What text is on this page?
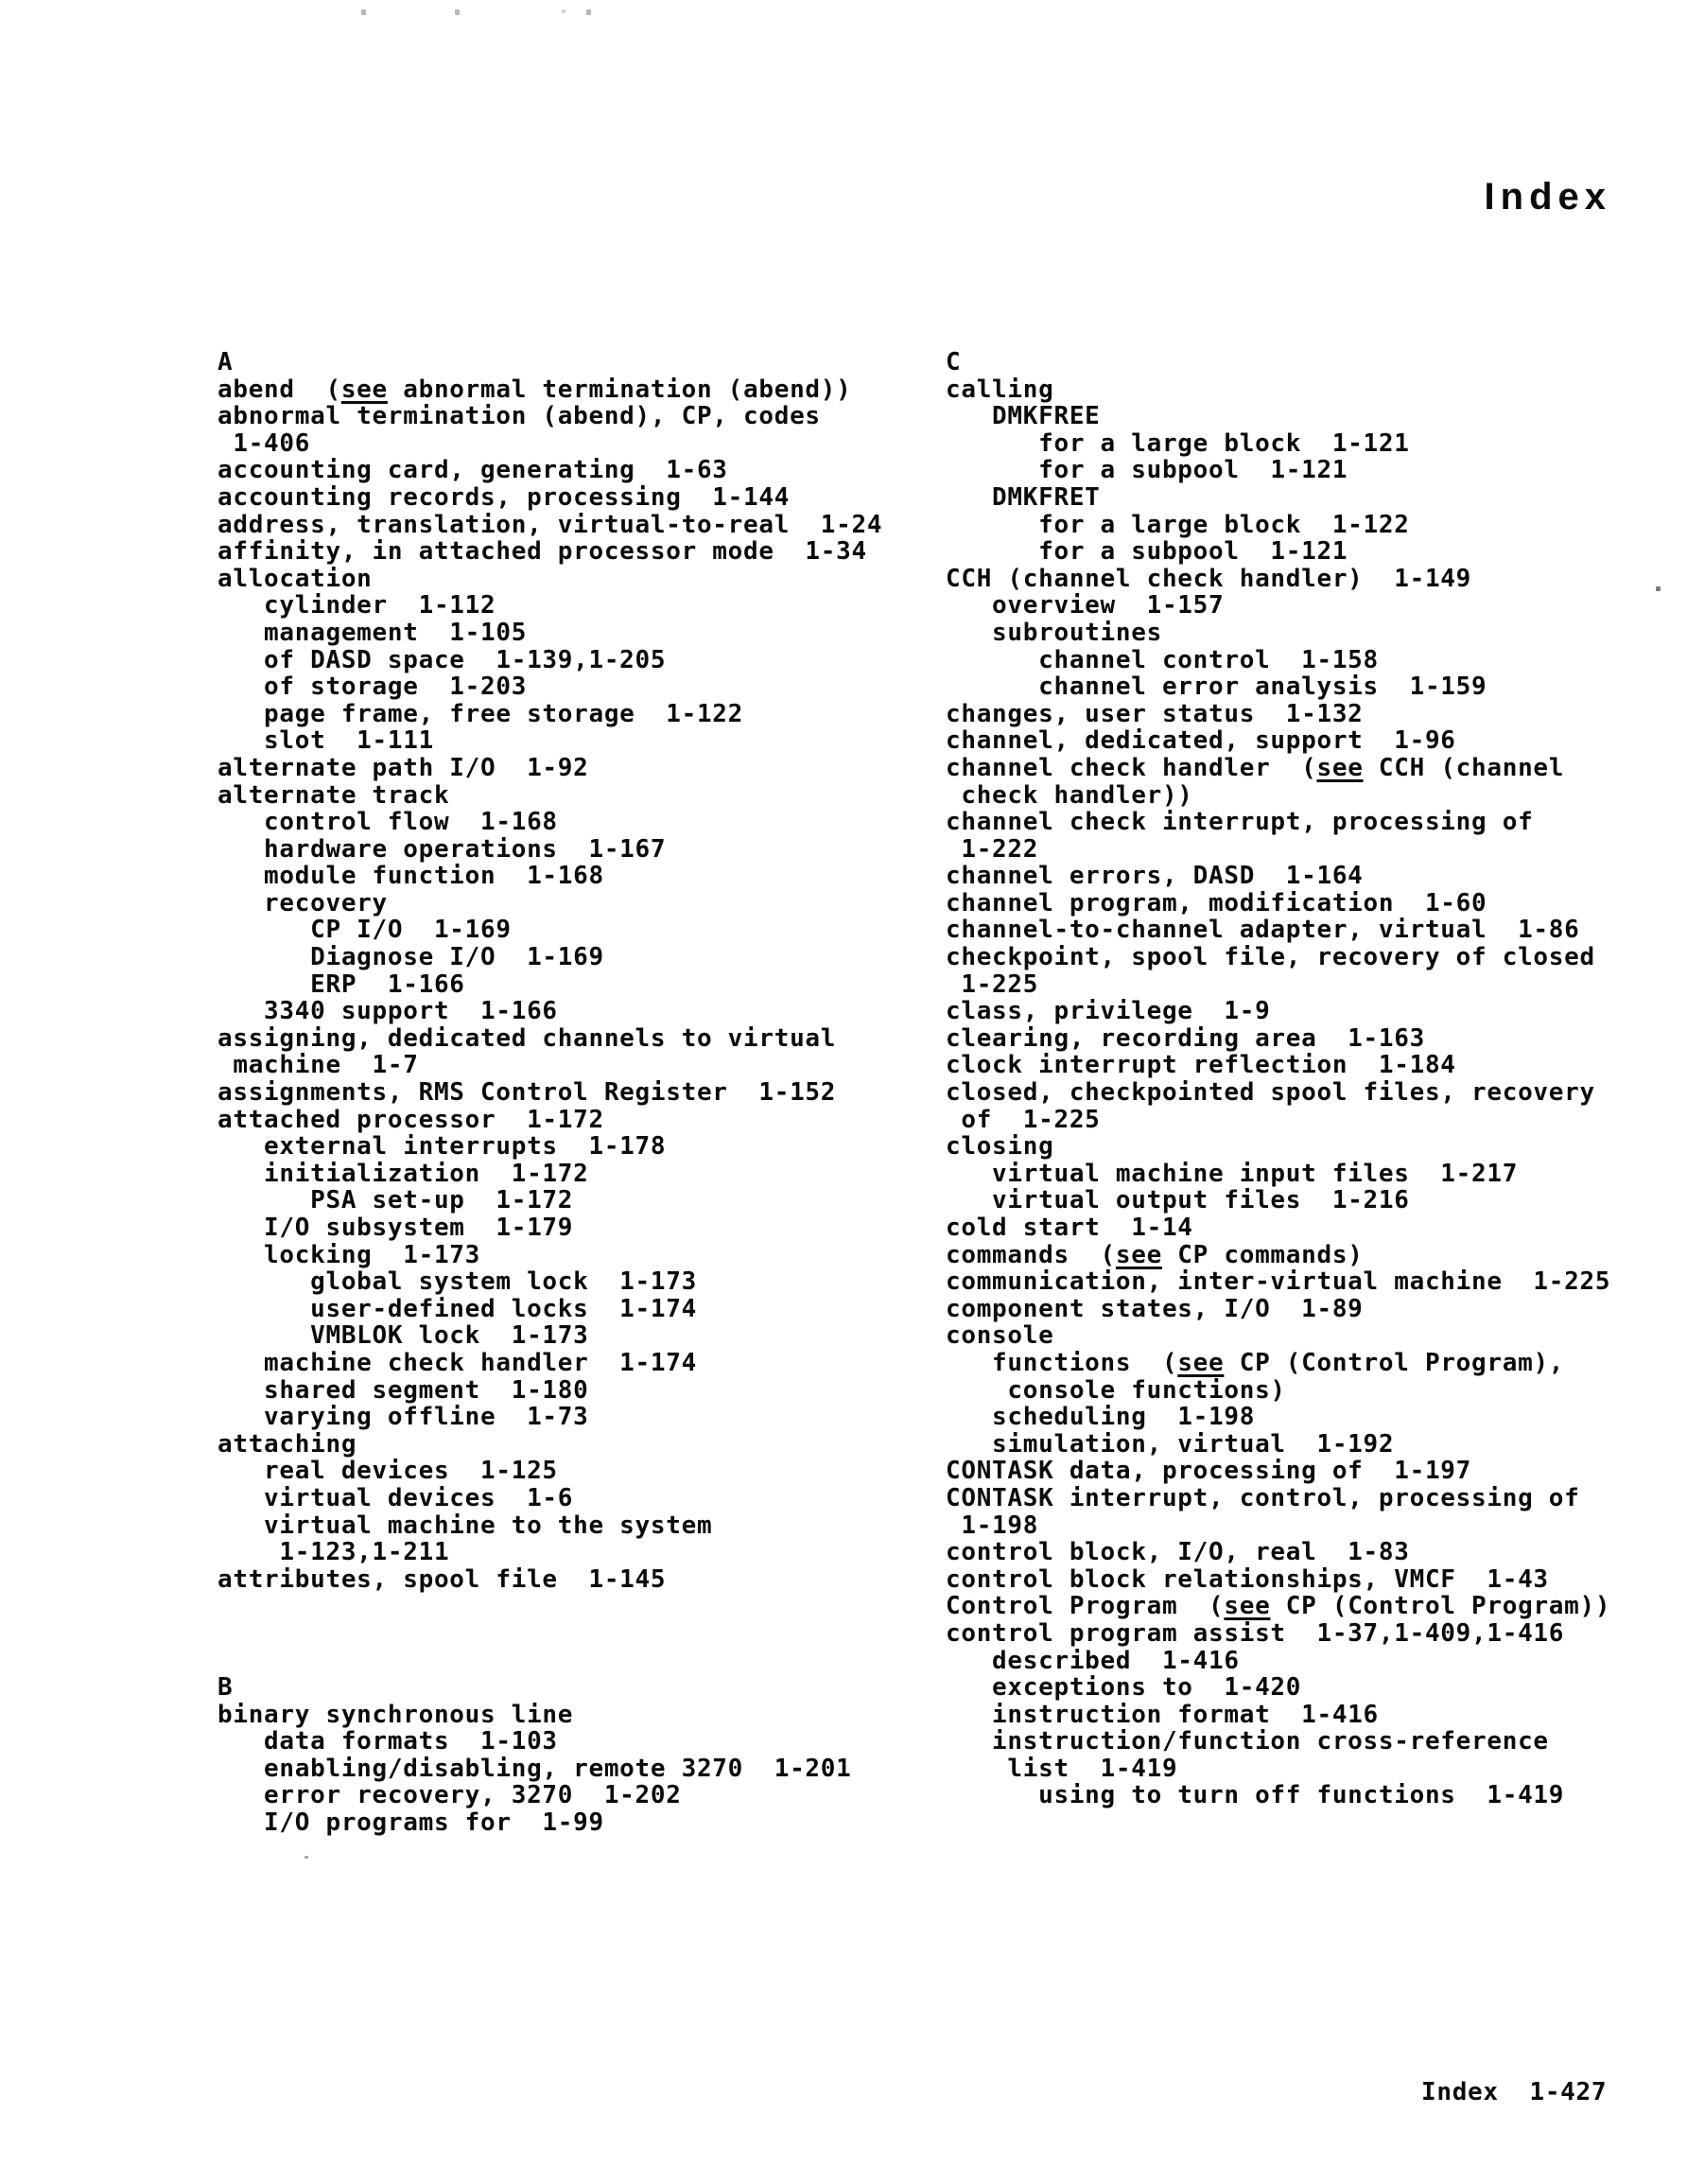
Index
A
abend  (see abnormal termination (abend))
abnormal termination (abend), CP, codes
1-406
accounting card, generating  1-63
accounting records, processing  1-144
address, translation, virtual-to-real  1-24
affinity, in attached processor mode  1-34
allocation
cylinder  1-112
management  1-105
of DASD space  1-139,1-205
of storage  1-203
page frame, free storage  1-122
slot  1-111
alternate path I/O  1-92
alternate track
control flow  1-168
hardware operations  1-167
module function  1-168
recovery
CP I/O  1-169
Diagnose I/O  1-169
ERP  1-166
3340 support  1-166
assigning, dedicated channels to virtual
machine  1-7
assignments, RMS Control Register  1-152
attached processor  1-172
external interrupts  1-178
initialization  1-172
PSA set-up  1-172
I/O subsystem  1-179
locking  1-173
global system lock  1-173
user-defined locks  1-174
VMBLOK lock  1-173
machine check handler  1-174
shared segment  1-180
varying offline  1-73
attaching
real devices  1-125
virtual devices  1-6
virtual machine to the system
1-123,1-211
attributes, spool file  1-145
B
binary synchronous line
data formats  1-103
enabling/disabling, remote 3270  1-201
error recovery, 3270  1-202
I/O programs for  1-99
C
calling
DMKFREE
for a large block  1-121
for a subpool  1-121
DMKFRET
for a large block  1-122
for a subpool  1-121
CCH (channel check handler)  1-149
overview  1-157
subroutines
channel control  1-158
channel error analysis  1-159
changes, user status  1-132
channel, dedicated, support  1-96
channel check handler  (see CCH (channel
check handler))
channel check interrupt, processing of
1-222
channel errors, DASD  1-164
channel program, modification  1-60
channel-to-channel adapter, virtual  1-86
checkpoint, spool file, recovery of closed
1-225
class, privilege  1-9
clearing, recording area  1-163
clock interrupt reflection  1-184
closed, checkpointed spool files, recovery
of  1-225
closing
virtual machine input files  1-217
virtual output files  1-216
cold start  1-14
commands  (see CP commands)
communication, inter-virtual machine  1-225
component states, I/O  1-89
console
functions  (see CP (Control Program),
console functions)
scheduling  1-198
simulation, virtual  1-192
CONTASK data, processing of  1-197
CONTASK interrupt, control, processing of
1-198
control block, I/O, real  1-83
control block relationships, VMCF  1-43
Control Program  (see CP (Control Program))
control program assist  1-37,1-409,1-416
described  1-416
exceptions to  1-420
instruction format  1-416
instruction/function cross-reference
list  1-419
using to turn off functions  1-419
Index  1-427
